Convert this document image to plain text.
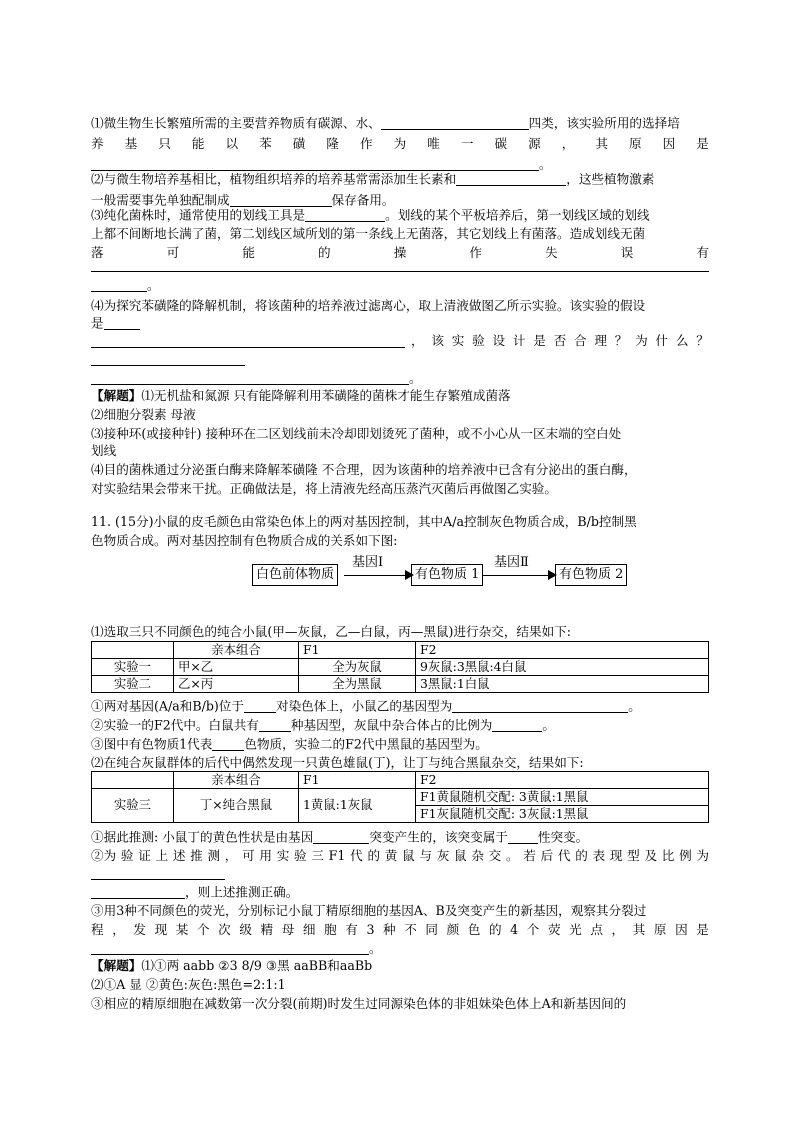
⑴微生物生长繁殖所需的主要营养物质有碳源、水、	四类，该实验所用的选择培
养 基 只 能 以 苯 磺 隆 作 为 唯 一 碳 源 ， 其 原 因 是
。
⑵与微生物培养基相比，植物组织培养的培养基常需添加生长素和	，这些植物激素
一般需要事先单独配制成	保存备用。
⑶纯化菌株时，通常使用的划线工具是	。划线的某个平板培养后，第一划线区域的划线
上都不间断地长满了菌，第二划线区域所划的第一条线上无菌落，其它划线上有菌落。造成划线无菌
落	可	能	的	操	作	失	误	有
。
⑷为探究苯磺隆的降解机制，将该菌种的培养液过滤离心，取上清液做图乙所示实验。该实验的假设
是
， 该 实 验 设 计 是 否 合 理 ？ 为 什 么 ？
。
【解题】⑴无机盐和氮源 只有能降解利用苯磺隆的菌株才能生存繁殖成菌落
⑵细胞分裂素 母液
⑶接种环(或接种针) 接种环在二区划线前未冷却即划烫死了菌种，或不小心从一区末端的空白处
划线
⑷目的菌株通过分泌蛋白酶来降解苯磺隆 不合理，因为该菌种的培养液中已含有分泌出的蛋白酶，
对实验结果会带来干扰。正确做法是，将上清液先经高压蒸汽灭菌后再做图乙实验。
11. (15分)小鼠的皮毛颜色由常染色体上的两对基因控制，其中A/a控制灰色物质合成，B/b控制黑
色物质合成。两对基因控制有色物质合成的关系如下图:
白色前体物质
基因Ⅰ
有色物质 1
基因Ⅱ
有色物质 2
⑴选取三只不同颜色的纯合小鼠(甲—灰鼠，乙—白鼠，丙—黑鼠)进行杂交，结果如下:
	亲本组合	F1	F2
实验一	甲×乙	全为灰鼠	9灰鼠:3黑鼠:4白鼠
实验二	乙×丙	全为黑鼠	3黑鼠:1白鼠
①两对基因(A/a和B/b)位于	对染色体上，小鼠乙的基因型为	。
②实验一的F2代中。白鼠共有	种基因型，灰鼠中杂合体占的比例为	。
③图中有色物质1代表	色物质，实验二的F2代中黑鼠的基因型为。
⑵在纯合灰鼠群体的后代中偶然发现一只黄色雄鼠(丁)，让丁与纯合黑鼠杂交，结果如下:
	亲本组合	F1	F2
实验三	丁×纯合黑鼠	1黄鼠:1灰鼠	F1黄鼠随机交配: 3黄鼠:1黑鼠
			F1灰鼠随机交配: 3灰鼠:1黑鼠
①据此推测: 小鼠丁的黄色性状是由基因	突变产生的，该突变属于 性突变。
②为 验 证 上 述 推 测 ， 可 用 实 验 三 F1 代 的 黄 鼠 与 灰 鼠 杂 交 。 若 后 代 的 表 现 型 及 比 例 为
，则上述推测正确。
③用3种不同颜色的荧光，分别标记小鼠丁精原细胞的基因A、B及突变产生的新基因，观察其分裂过
程 ， 发 现 某 个 次 级 精 母 细 胞 有 3 种 不 同 颜 色 的 4 个 荧 光 点 ， 其 原 因 是
。
【解题】⑴①两 aabb ②3 8/9 ③黑 aaBB和aaBb
⑵①A 显 ②黄色:灰色:黑色=2:1:1
③相应的精原细胞在减数第一次分裂(前期)时发生过同源染色体的非姐妹染色体上A和新基因间的
